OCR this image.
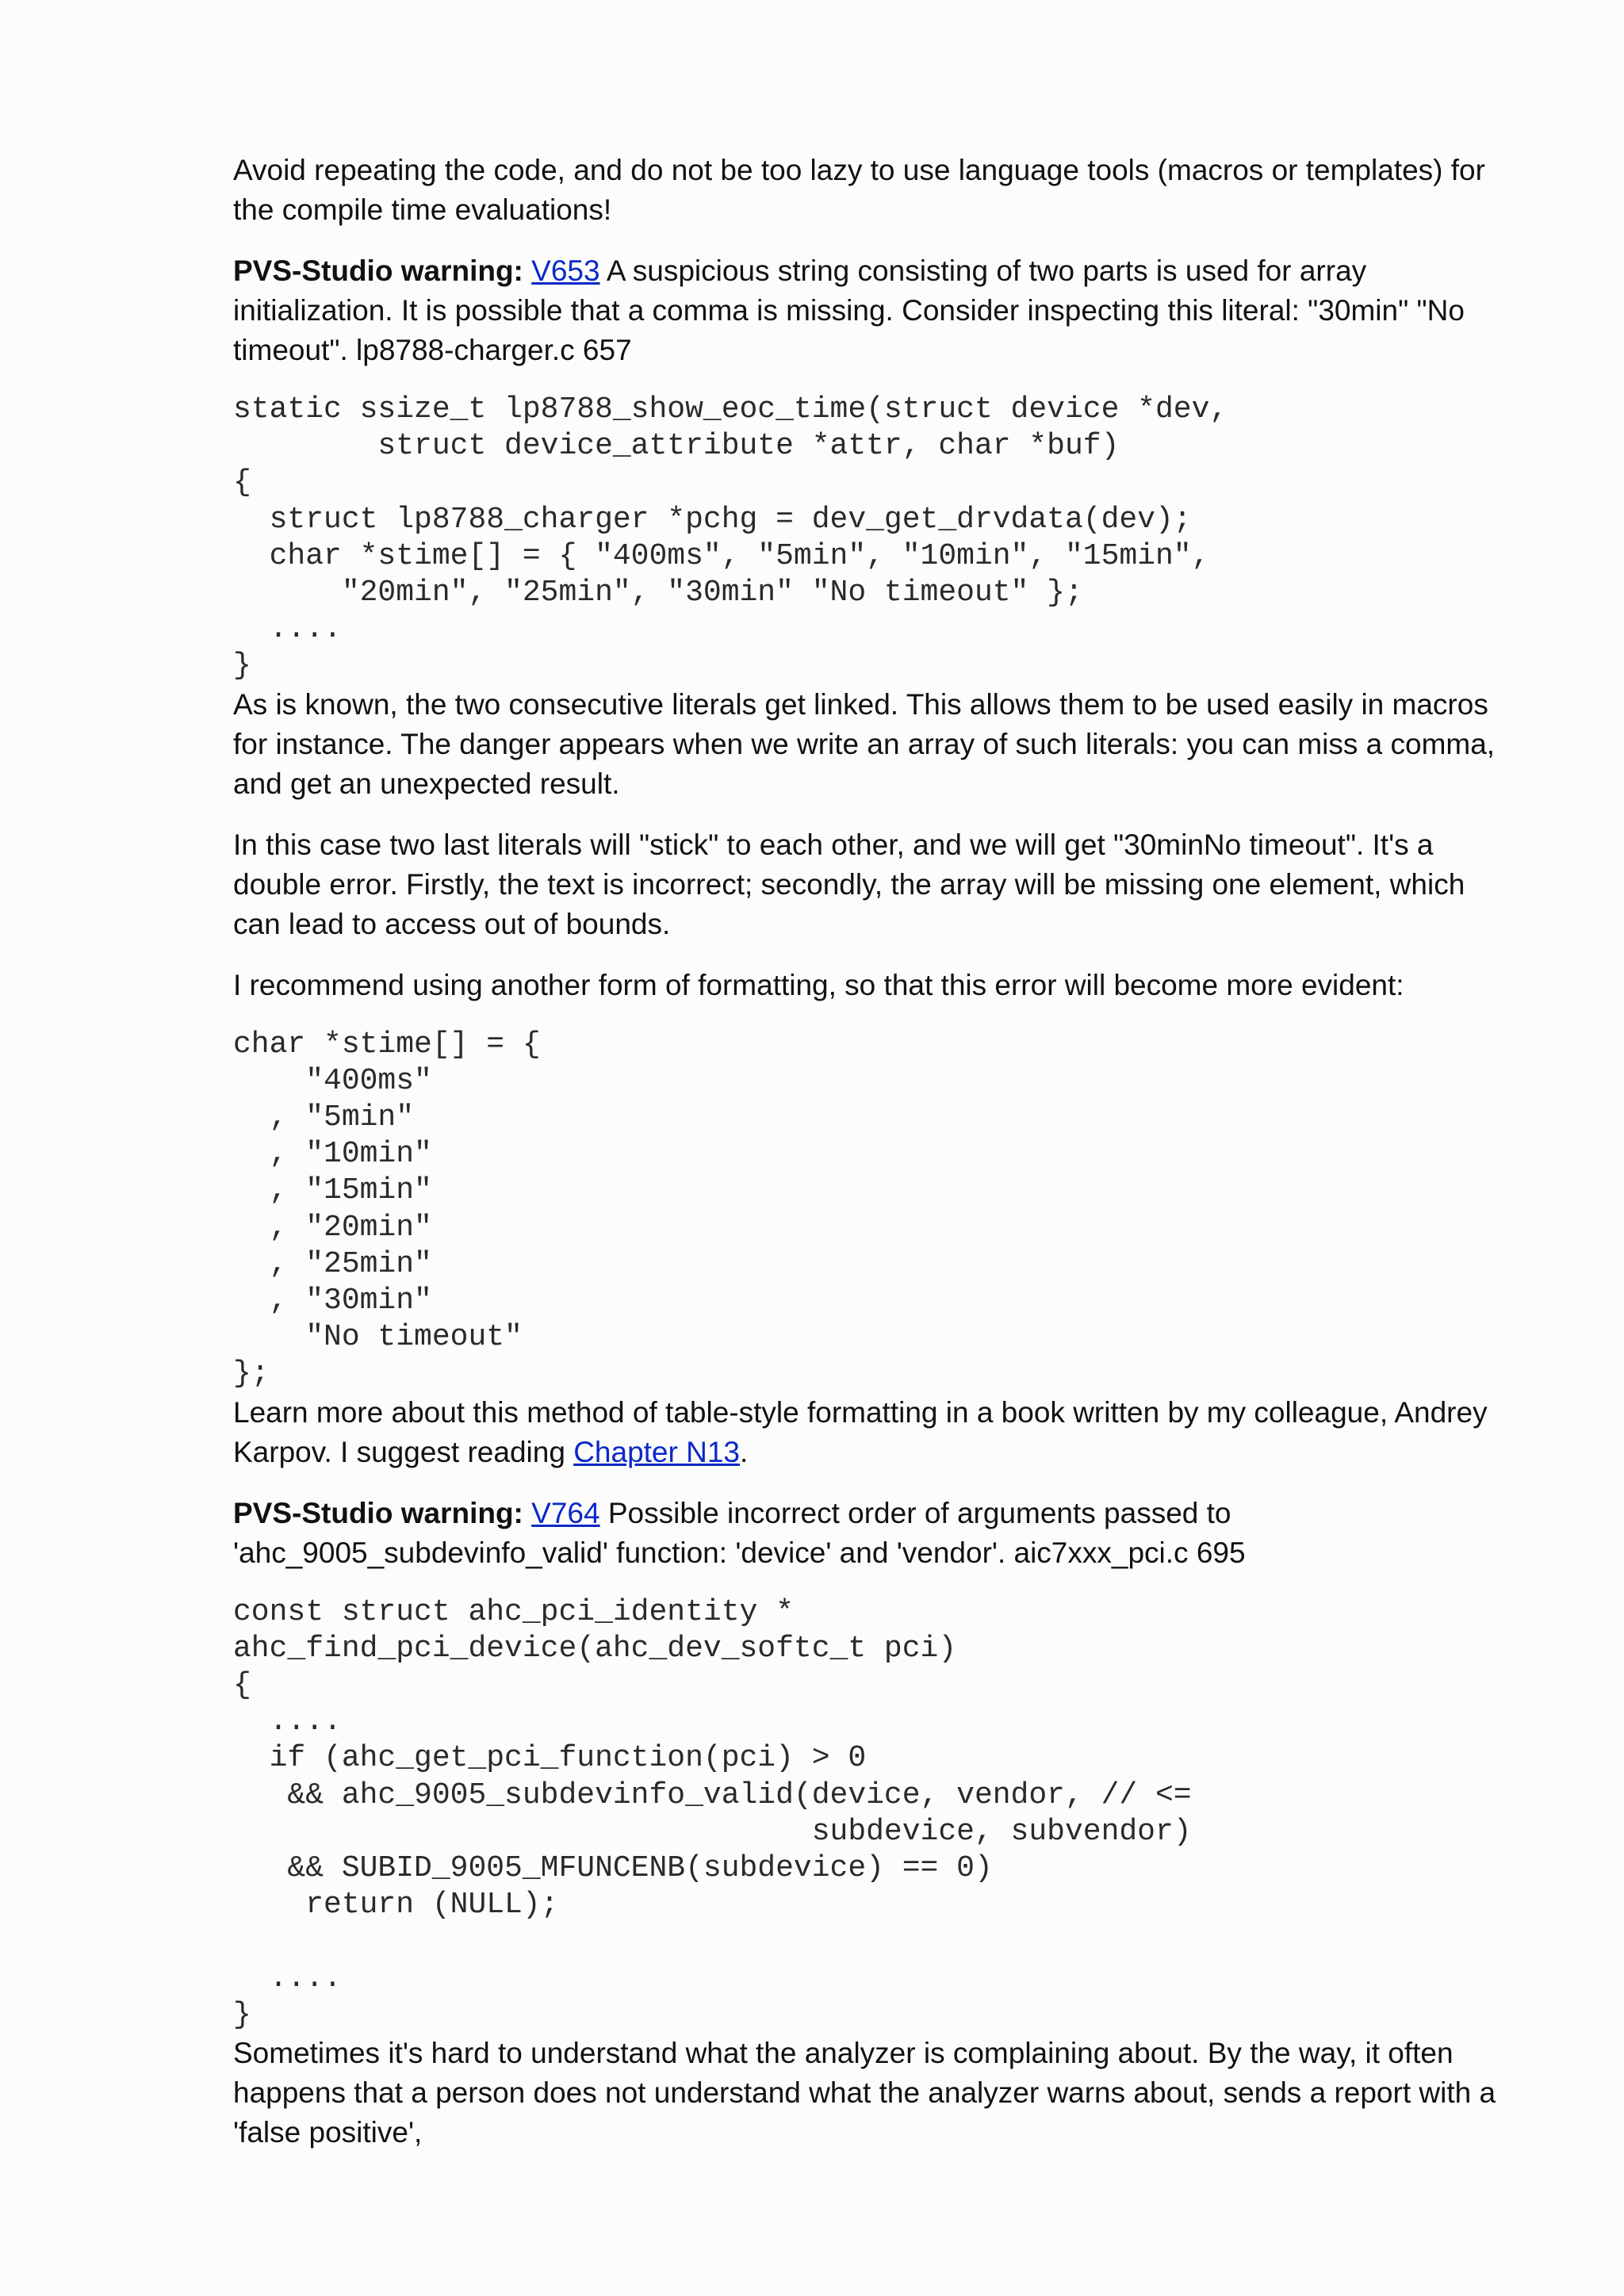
Avoid repeating the code, and do not be too lazy to use language tools (macros or templates) for the compile time evaluations!

PVS-Studio warning: V653 A suspicious string consisting of two parts is used for array initialization. It is possible that a comma is missing. Consider inspecting this literal: "30min" "No timeout". lp8788-charger.c 657

static ssize_t lp8788_show_eoc_time(struct device *dev,
struct device_attribute *attr, char *buf)
{
struct lp8788_charger *pchg = dev_get_drvdata(dev);
char *stime[] = { "400ms", "5min", "10min", "15min",
"20min", "25min", "30min" "No timeout" };
....
}

As is known, the two consecutive literals get linked. This allows them to be used easily in macros for instance. The danger appears when we write an array of such literals: you can miss a comma, and get an unexpected result.

In this case two last literals will "stick" to each other, and we will get "30minNo timeout". It's a double error. Firstly, the text is incorrect; secondly, the array will be missing one element, which can lead to access out of bounds.

I recommend using another form of formatting, so that this error will become more evident:

char *stime[] = {
"400ms"
, "5min"
, "10min"
, "15min"
, "20min"
, "25min"
, "30min"
"No timeout"
};

Learn more about this method of table-style formatting in a book written by my colleague, Andrey Karpov. I suggest reading Chapter N13.

PVS-Studio warning: V764 Possible incorrect order of arguments passed to 'ahc_9005_subdevinfo_valid' function: 'device' and 'vendor'. aic7xxx_pci.c 695

const struct ahc_pci_identity *
ahc_find_pci_device(ahc_dev_softc_t pci)
{
....
if (ahc_get_pci_function(pci) > 0
&& ahc_9005_subdevinfo_valid(device, vendor, // <=
subdevice, subvendor)
&& SUBID_9005_MFUNCENB(subdevice) == 0)
return (NULL);

....
}

Sometimes it's hard to understand what the analyzer is complaining about. By the way, it often happens that a person does not understand what the analyzer warns about, sends a report with a 'false positive',
